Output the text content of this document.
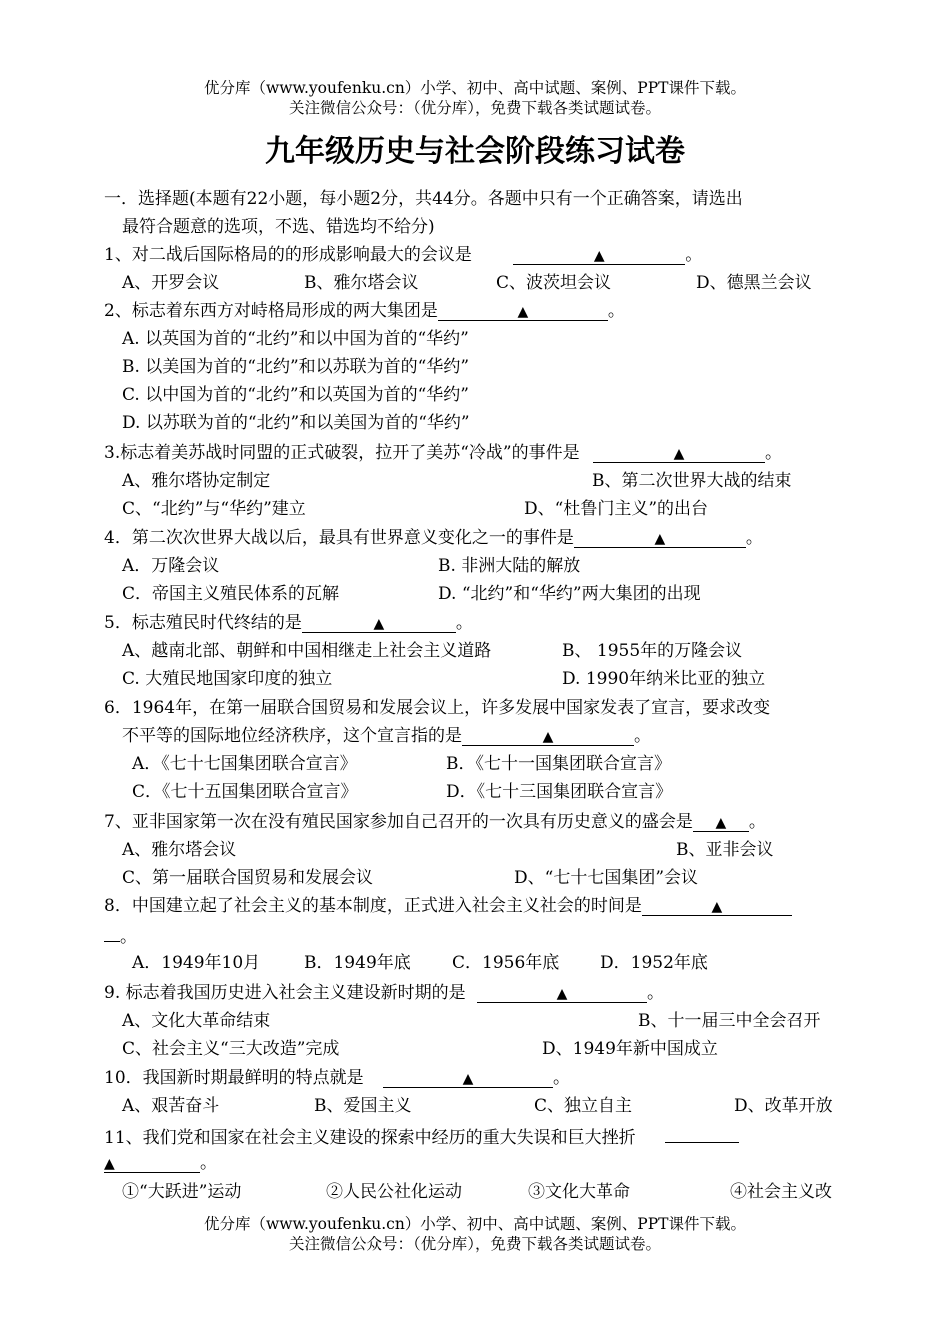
优分库（www.youfenku.cn）小学、初中、高中试题、案例、PPT课件下载。
关注微信公众号：（优分库），免费下载各类试题试卷。
九年级历史与社会阶段练习试卷
一．选择题(本题有22小题，每小题2分，共44分。各题中只有一个正确答案，请选出
最符合题意的选项，不选、错选均不给分)
1、对二战后国际格局的的形成影响最大的会议是	▲	。
A、开罗会议	B、雅尔塔会议	C、波茨坦会议	D、德黑兰会议
2、标志着东西方对峙格局形成的两大集团是	▲	。
A. 以英国为首的“北约”和以中国为首的“华约”
B. 以美国为首的“北约”和以苏联为首的“华约”
C. 以中国为首的“北约”和以英国为首的“华约”
D. 以苏联为首的“北约”和以美国为首的“华约”
3.标志着美苏战时同盟的正式破裂，拉开了美苏“冷战”的事件是	▲	。
A、雅尔塔协定制定	B、第二次世界大战的结束
C、“北约”与“华约”建立	D、“杜鲁门主义”的出台
4．第二次次世界大战以后，最具有世界意义变化之一的事件是	▲	。
A．万隆会议	B. 非洲大陆的解放
C．帝国主义殖民体系的瓦解	D. “北约”和“华约”两大集团的出现
5．标志殖民时代终结的是	▲	。
A、越南北部、朝鲜和中国相继走上社会主义道路	B、 1955年的万隆会议
C. 大殖民地国家印度的独立	D. 1990年纳米比亚的独立
6．1964年，在第一届联合国贸易和发展会议上，许多发展中国家发表了宣言，要求改变
不平等的国际地位经济秩序，这个宣言指的是	▲	。
A．《七十七国集团联合宣言》	B．《七十一国集团联合宣言》
C．《七十五国集团联合宣言》	D．《七十三国集团联合宣言》
7、亚非国家第一次在没有殖民国家参加自己召开的一次具有历史意义的盛会是 ▲ 。
A、雅尔塔会议	B、亚非会议
C、第一届联合国贸易和发展会议	D、“七十七国集团”会议
8．中国建立起了社会主义的基本制度，正式进入社会主义社会的时间是	▲
。
A．1949年10月	B．1949年底 C．1956年底 D．1952年底
9. 标志着我国历史进入社会主义建设新时期的是	▲	。
A、文化大革命结束	B、十一届三中全会召开
C、社会主义“三大改造”完成	D、1949年新中国成立
10．我国新时期最鲜明的特点就是	▲	。
A、艰苦奋斗	B、爱国主义	C、独立自主	D、改革开放
11、我们党和国家在社会主义建设的探索中经历的重大失误和巨大挫折
▲	。
①“大跃进”运动	②人民公社化运动	③文化大革命	④社会主义改
优分库（www.youfenku.cn）小学、初中、高中试题、案例、PPT课件下载。
关注微信公众号：（优分库），免费下载各类试题试卷。
